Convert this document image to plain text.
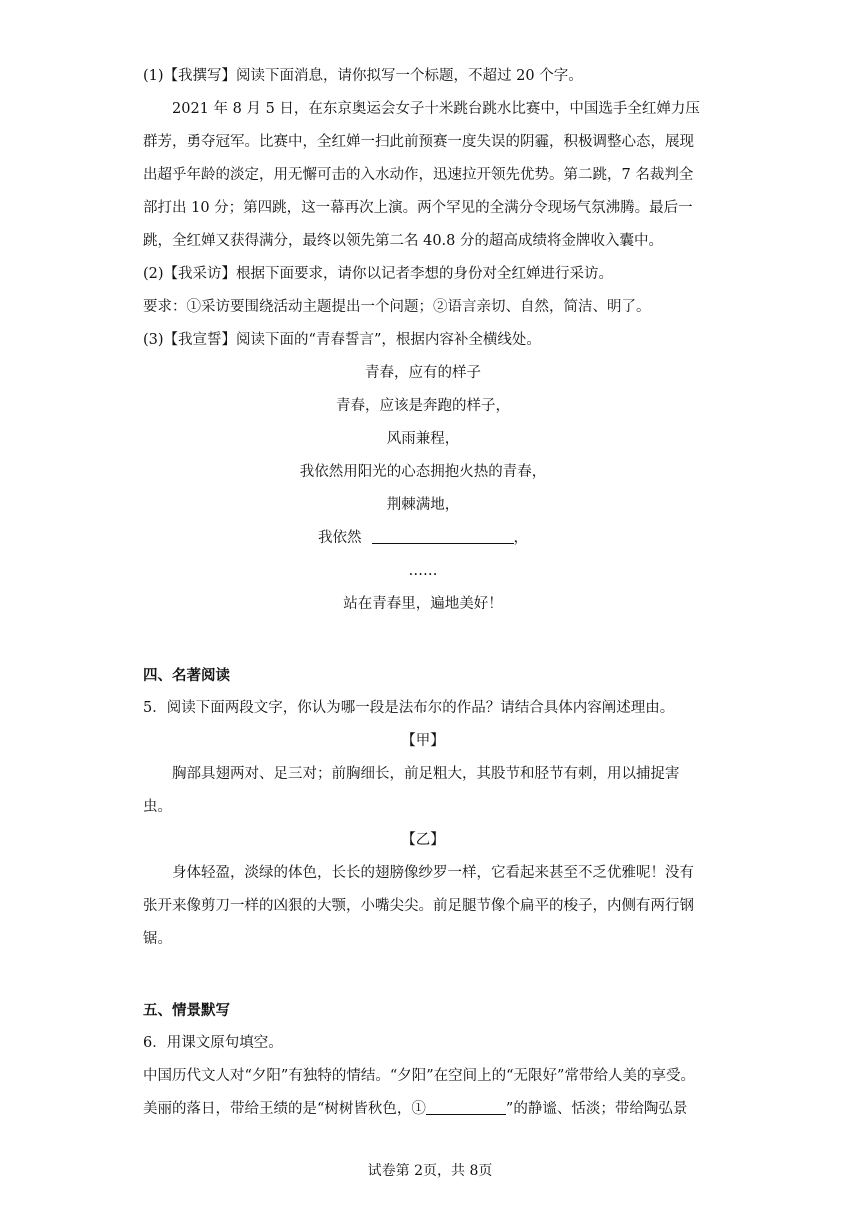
(1)【我撰写】阅读下面消息，请你拟写一个标题，不超过 20 个字。

2021 年 8 月 5 日，在东京奥运会女子十米跳台跳水比赛中，中国选手全红婵力压群芳，勇夺冠军。比赛中，全红婵一扫此前预赛一度失误的阴霾，积极调整心态，展现出超乎年龄的淡定，用无懈可击的入水动作，迅速拉开领先优势。第二跳，7 名裁判全部打出 10 分；第四跳，这一幕再次上演。两个罕见的全满分令现场气氛沸腾。最后一跳，全红婵又获得满分，最终以领先第二名 40.8 分的超高成绩将金牌收入囊中。

(2)【我采访】根据下面要求，请你以记者李想的身份对全红婵进行采访。

要求：①采访要围绕活动主题提出一个问题；②语言亲切、自然，简洁、明了。

(3)【我宣誓】阅读下面的“青春誓言”，根据内容补全横线处。

青春，应有的样子

青春，应该是奔跑的样子，

风雨兼程，

我依然用阳光的心态拥抱火热的青春，

荆棘满地，

我依然	，

……

站在青春里，遍地美好！

四、名著阅读

5．阅读下面两段文字，你认为哪一段是法布尔的作品？请结合具体内容阐述理由。

【甲】

胸部具翅两对、足三对；前胸细长，前足粗大，其股节和胫节有刺，用以捕捉害虫。

【乙】

身体轻盈，淡绿的体色，长长的翅膀像纱罗一样，它看起来甚至不乏优雅呢！没有张开来像剪刀一样的凶狠的大颚，小嘴尖尖。前足腿节像个扁平的梭子，内侧有两行钢锯。

五、情景默写

6．用课文原句填空。

中国历代文人对“夕阳”有独特的情结。“夕阳”在空间上的“无限好”常带给人美的享受。美丽的落日，带给王绩的是“树树皆秋色，①	”的静谧、恬淡；带给陶弘景

试卷第 2页，共 8页
